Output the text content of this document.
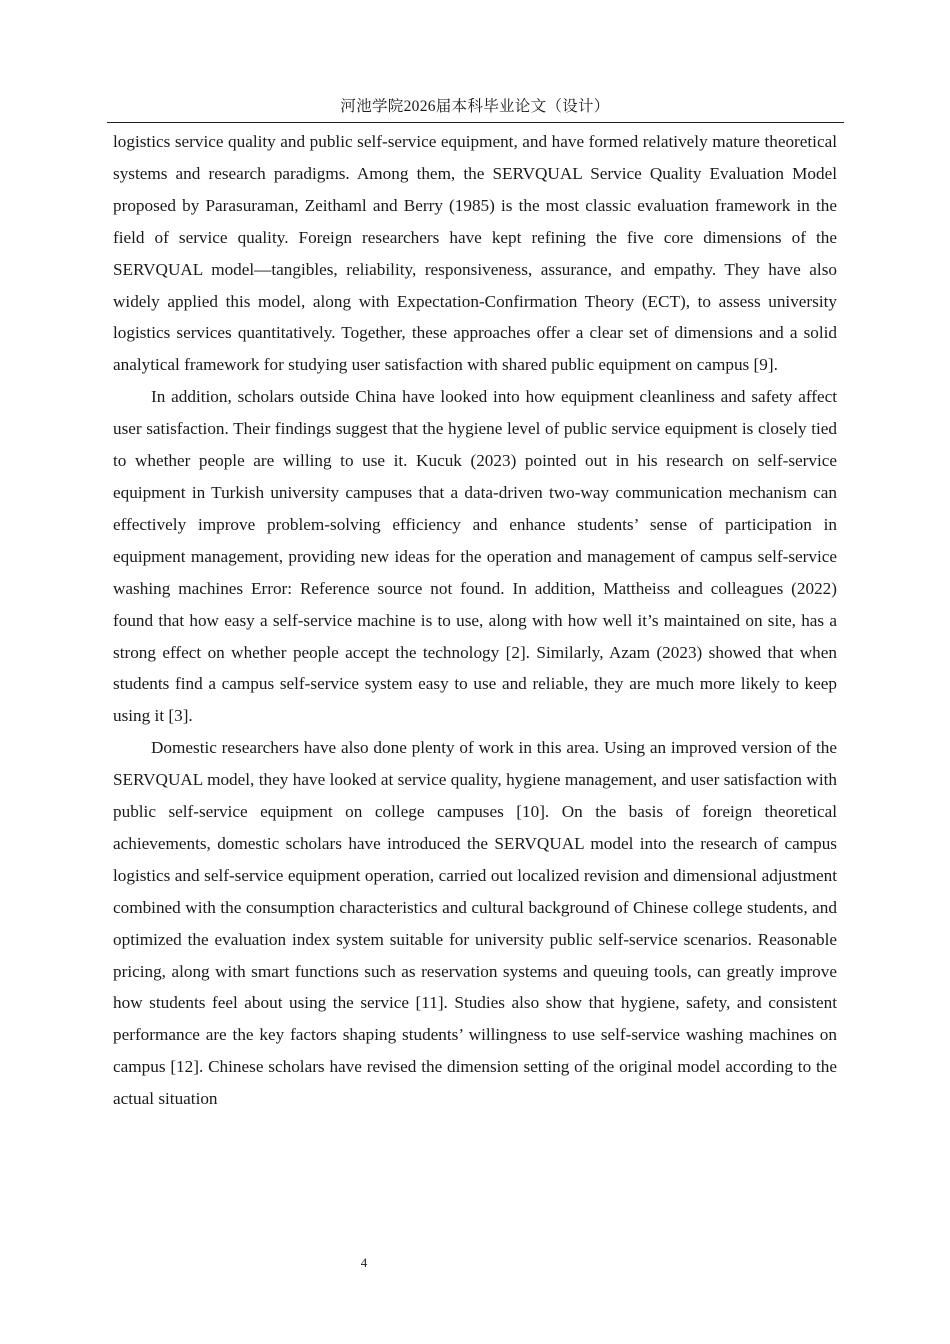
河池学院2026届本科毕业论文（设计）

logistics service quality and public self-service equipment, and have formed relatively mature theoretical systems and research paradigms. Among them, the SERVQUAL Service Quality Evaluation Model proposed by Parasuraman, Zeithaml and Berry (1985) is the most classic evaluation framework in the field of service quality. Foreign researchers have kept refining the five core dimensions of the SERVQUAL model—tangibles, reliability, responsiveness, assurance, and empathy. They have also widely applied this model, along with Expectation-Confirmation Theory (ECT), to assess university logistics services quantitatively. Together, these approaches offer a clear set of dimensions and a solid analytical framework for studying user satisfaction with shared public equipment on campus [9].

In addition, scholars outside China have looked into how equipment cleanliness and safety affect user satisfaction. Their findings suggest that the hygiene level of public service equipment is closely tied to whether people are willing to use it. Kucuk (2023) pointed out in his research on self-service equipment in Turkish university campuses that a data-driven two-way communication mechanism can effectively improve problem-solving efficiency and enhance students’ sense of participation in equipment management, providing new ideas for the operation and management of campus self-service washing machines Error: Reference source not found. In addition, Mattheiss and colleagues (2022) found that how easy a self-service machine is to use, along with how well it’s maintained on site, has a strong effect on whether people accept the technology [2]. Similarly, Azam (2023) showed that when students find a campus self-service system easy to use and reliable, they are much more likely to keep using it [3].

Domestic researchers have also done plenty of work in this area. Using an improved version of the SERVQUAL model, they have looked at service quality, hygiene management, and user satisfaction with public self-service equipment on college campuses [10]. On the basis of foreign theoretical achievements, domestic scholars have introduced the SERVQUAL model into the research of campus logistics and self-service equipment operation, carried out localized revision and dimensional adjustment combined with the consumption characteristics and cultural background of Chinese college students, and optimized the evaluation index system suitable for university public self-service scenarios. Reasonable pricing, along with smart functions such as reservation systems and queuing tools, can greatly improve how students feel about using the service [11]. Studies also show that hygiene, safety, and consistent performance are the key factors shaping students’ willingness to use self-service washing machines on campus [12]. Chinese scholars have revised the dimension setting of the original model according to the actual situation

4
